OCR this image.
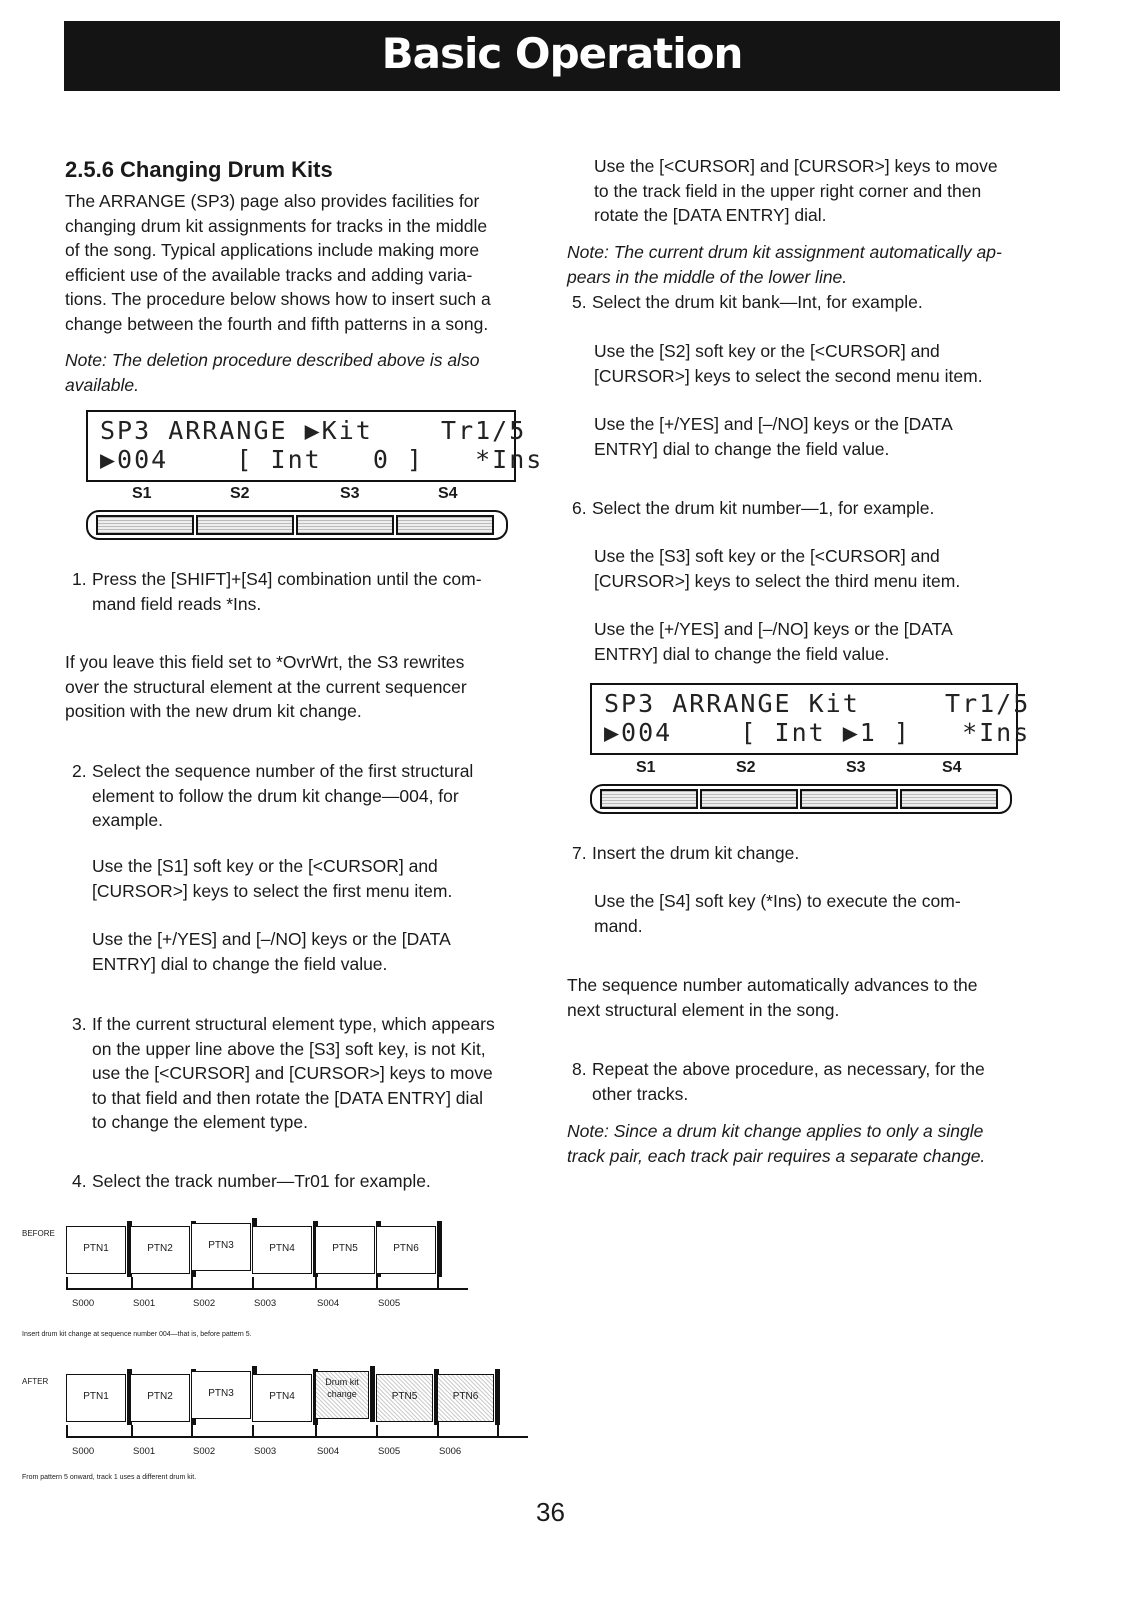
Basic Operation
2.5.6 Changing Drum Kits

The ARRANGE (SP3) page also provides facilities for

changing drum kit assignments for tracks in the middle

of the song. Typical applications include making more

efficient use of the available tracks and adding varia-

tions. The procedure below shows how to insert such a

change between the fourth and fifth patterns in a song.

Note: The deletion procedure described above is also

available.

SP3 ARRANGE ▶Kit    Tr1/5
▶004    [ Int   0 ]   *Ins
S1	S2	S3	S4
1. Press the [SHIFT]+[S4] combination until the com-

mand field reads *Ins.

If you leave this field set to *OvrWrt, the S3 rewrites

over the structural element at the current sequencer

position with the new drum kit change.

2. Select the sequence number of the first structural

element to follow the drum kit change—004, for

example.

Use the [S1] soft key or the [<CURSOR] and

[CURSOR>] keys to select the first menu item.

Use the [+/YES] and [–/NO] keys or the [DATA

ENTRY] dial to change the field value.

3. If the current structural element type, which appears

on the upper line above the [S3] soft key, is not Kit,

use the [<CURSOR] and [CURSOR>] keys to move

to that field and then rotate the [DATA ENTRY] dial

to change the element type.

4. Select the track number—Tr01 for example.

Use the [<CURSOR] and [CURSOR>] keys to move

to the track field in the upper right corner and then

rotate the [DATA ENTRY] dial.

Note: The current drum kit assignment automatically ap-

pears in the middle of the lower line.

5. Select the drum kit bank—Int, for example.

Use the [S2] soft key or the [<CURSOR] and

[CURSOR>] keys to select the second menu item.

Use the [+/YES] and [–/NO] keys or the [DATA

ENTRY] dial to change the field value.

6. Select the drum kit number—1, for example.

Use the [S3] soft key or the [<CURSOR] and

[CURSOR>] keys to select the third menu item.

Use the [+/YES] and [–/NO] keys or the [DATA

ENTRY] dial to change the field value.

SP3 ARRANGE Kit     Tr1/5
▶004    [ Int ▶1 ]   *Ins
S1	S2	S3	S4
7. Insert the drum kit change.

Use the [S4] soft key (*Ins) to execute the com-

mand.

The sequence number automatically advances to the

next structural element in the song.

8. Repeat the above procedure, as necessary, for the

other tracks.

Note: Since a drum kit change applies to only a single

track pair, each track pair requires a separate change.

BEFORE
PTN1	PTN2	PTN3	PTN4	PTN5	PTN6
S000	S001	S002	S003	S004	S005
Insert drum kit change at sequence number 004—that is, before pattern 5.
AFTER
PTN1	PTN2	PTN3	PTN4
Drum kit change	PTN5	PTN6
S000	S001	S002	S003	S004	S005	S006
From pattern 5 onward, track 1 uses a different drum kit.
36
